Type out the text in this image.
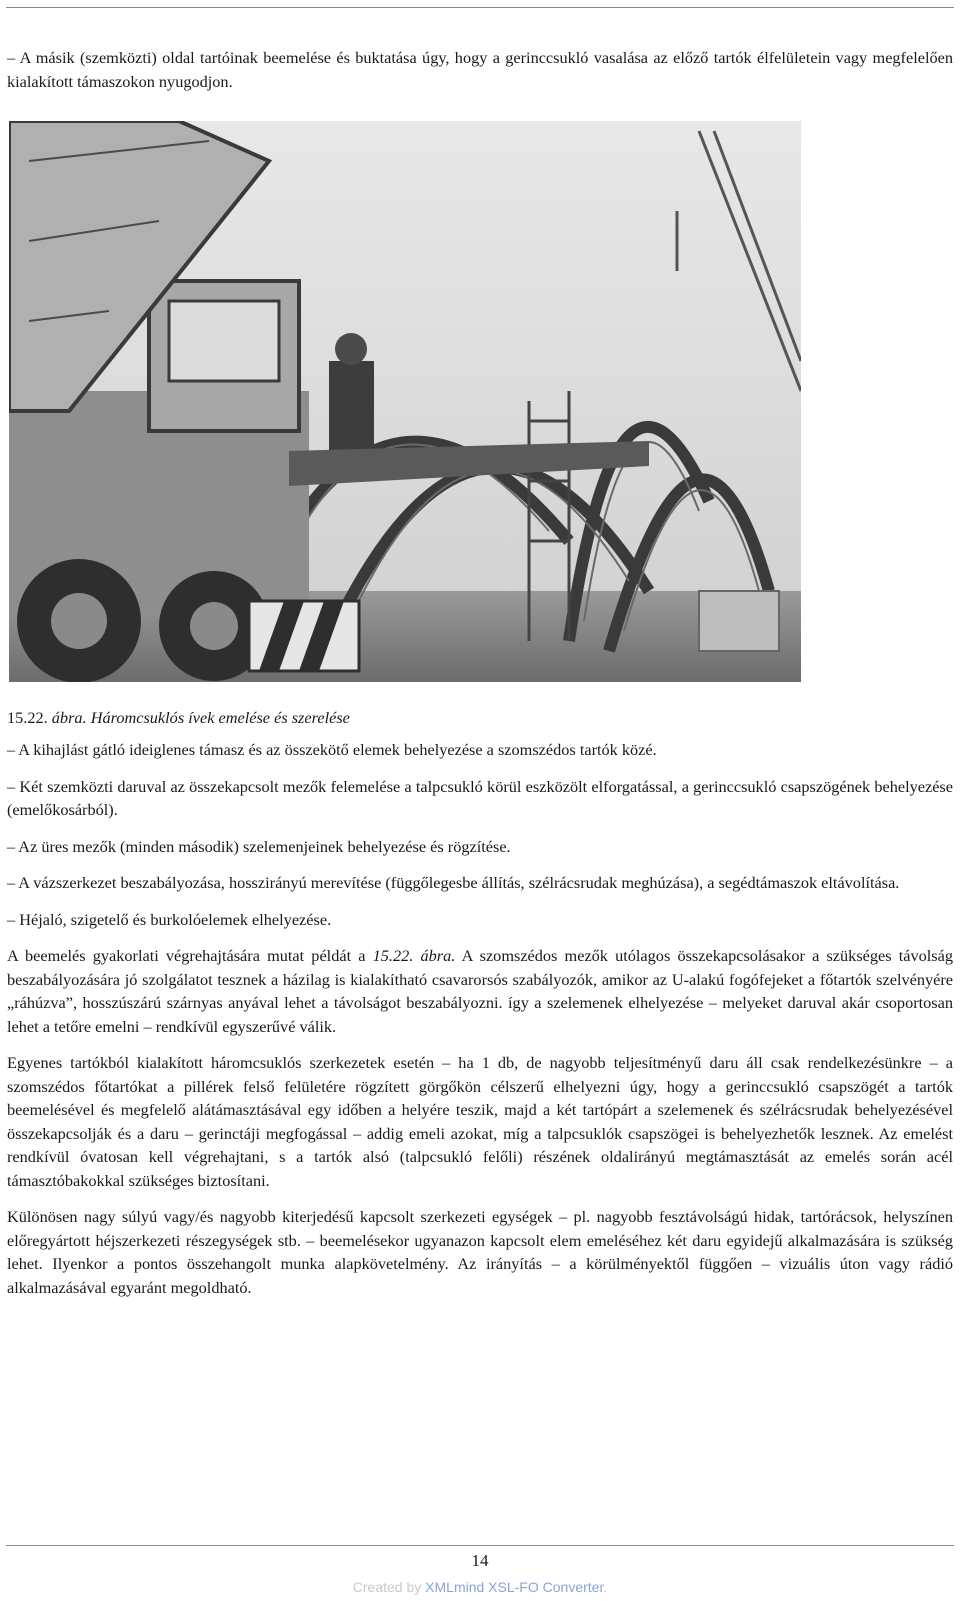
– A másik (szemközti) oldal tartóinak beemelése és buktatása úgy, hogy a gerinccsukló vasalása az előző tartók élfelületein vagy megfelelően kialakított támaszokon nyugodjon.

15.22. ábra. Háromcsuklós ívek emelése és szerelése

– A kihajlást gátló ideiglenes támasz és az összekötő elemek behelyezése a szomszédos tartók közé.

– Két szemközti daruval az összekapcsolt mezők felemelése a talpcsukló körül eszközölt elforgatással, a gerinccsukló csapszögének behelyezése (emelőkosárból).

– Az üres mezők (minden második) szelemenjeinek behelyezése és rögzítése.

– A vázszerkezet beszabályozása, hosszirányú merevítése (függőlegesbe állítás, szélrácsrudak meghúzása), a segédtámaszok eltávolítása.

– Héjaló, szigetelő és burkolóelemek elhelyezése.

A beemelés gyakorlati végrehajtására mutat példát a 15.22. ábra. A szomszédos mezők utólagos összekapcsolásakor a szükséges távolság beszabályozására jó szolgálatot tesznek a házilag is kialakítható csavarorsós szabályozók, amikor az U-alakú fogófejeket a főtartók szelvényére „ráhúzva”, hosszúszárú szárnyas anyával lehet a távolságot beszabályozni. így a szelemenek elhelyezése – melyeket daruval akár csoportosan lehet a tetőre emelni – rendkívül egyszerűvé válik.

Egyenes tartókból kialakított háromcsuklós szerkezetek esetén – ha 1 db, de nagyobb teljesítményű daru áll csak rendelkezésünkre – a szomszédos főtartókat a pillérek felső felületére rögzített görgőkön célszerű elhelyezni úgy, hogy a gerinccsukló csapszögét a tartók beemelésével és megfelelő alátámasztásával egy időben a helyére teszik, majd a két tartópárt a szelemenek és szélrácsrudak behelyezésével összekapcsolják és a daru – gerinctáji megfogással – addig emeli azokat, míg a talpcsuklók csapszögei is behelyezhetők lesznek. Az emelést rendkívül óvatosan kell végrehajtani, s a tartók alsó (talpcsukló felőli) részének oldalirányú megtámasztását az emelés során acél támasztóbakokkal szükséges biztosítani.

Különösen nagy súlyú vagy/és nagyobb kiterjedésű kapcsolt szerkezeti egységek – pl. nagyobb fesztávolságú hidak, tartórácsok, helyszínen előregyártott héjszerkezeti részegységek stb. – beemelésekor ugyanazon kapcsolt elem emeléséhez két daru egyidejű alkalmazására is szükség lehet. Ilyenkor a pontos összehangolt munka alapkövetelmény. Az irányítás – a körülményektől függően – vizuális úton vagy rádió alkalmazásával egyaránt megoldható.

14
Created by XMLmind XSL-FO Converter.
